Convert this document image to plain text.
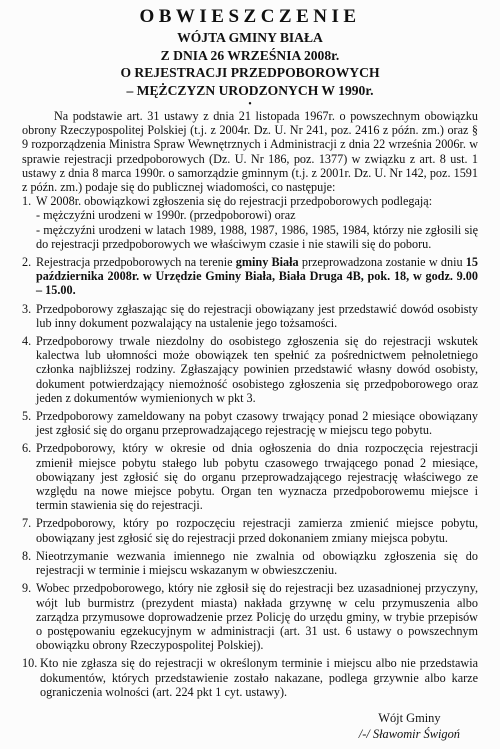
OBWIESZCZENIE
WÓJTA GMINY BIAŁA
Z DNIA 26 WRZEŚNIA 2008r.
O REJESTRACJI PRZEDPOBOROWYCH
– MĘŻCZYZN URODZONYCH W 1990r.
•

Na podstawie art. 31 ustawy z dnia 21 listopada 1967r. o powszechnym obowiązku obrony Rzeczypospolitej Polskiej (t.j. z 2004r. Dz. U. Nr 241, poz. 2416 z późn. zm.) oraz § 9 rozporządzenia Ministra Spraw Wewnętrznych i Administracji z dnia 22 września 2006r. w sprawie rejestracji przedpoborowych (Dz. U. Nr 186, poz. 1377) w związku z art. 8 ust. 1 ustawy z dnia 8 marca 1990r. o samorządzie gminnym (t.j. z 2001r. Dz. U. Nr 142, poz. 1591 z późn. zm.) podaje się do publicznej wiadomości, co następuje:

1. W 2008r. obowiązkowi zgłoszenia się do rejestracji przedpoborowych podlegają:
- mężczyźni urodzeni w 1990r. (przedpoborowi) oraz
- mężczyźni urodzeni w latach 1989, 1988, 1987, 1986, 1985, 1984, którzy nie zgłosili się do rejestracji przedpoborowych we właściwym czasie i nie stawili się do poboru.
2. Rejestracja przedpoborowych na terenie gminy Biała przeprowadzona zostanie w dniu 15 października 2008r. w Urzędzie Gminy Biała, Biała Druga 4B, pok. 18, w godz. 9.00 – 15.00.
3. Przedpoborowy zgłaszając się do rejestracji obowiązany jest przedstawić dowód osobisty lub inny dokument pozwalający na ustalenie jego tożsamości.
4. Przedpoborowy trwale niezdolny do osobistego zgłoszenia się do rejestracji wskutek kalectwa lub ułomności może obowiązek ten spełnić za pośrednictwem pełnoletniego członka najbliższej rodziny. Zgłaszający powinien przedstawić własny dowód osobisty, dokument potwierdzający niemożność osobistego zgłoszenia się przedpoborowego oraz jeden z dokumentów wymienionych w pkt 3.
5. Przedpoborowy zameldowany na pobyt czasowy trwający ponad 2 miesiące obowiązany jest zgłosić się do organu przeprowadzającego rejestrację w miejscu tego pobytu.
6. Przedpoborowy, który w okresie od dnia ogłoszenia do dnia rozpoczęcia rejestracji zmienił miejsce pobytu stałego lub pobytu czasowego trwającego ponad 2 miesiące, obowiązany jest zgłosić się do organu przeprowadzającego rejestrację właściwego ze względu na nowe miejsce pobytu. Organ ten wyznacza przedpoborowemu miejsce i termin stawienia się do rejestracji.
7. Przedpoborowy, który po rozpoczęciu rejestracji zamierza zmienić miejsce pobytu, obowiązany jest zgłosić się do rejestracji przed dokonaniem zmiany miejsca pobytu.
8. Nieotrzymanie wezwania imiennego nie zwalnia od obowiązku zgłoszenia się do rejestracji w terminie i miejscu wskazanym w obwieszczeniu.
9. Wobec przedpoborowego, który nie zgłosił się do rejestracji bez uzasadnionej przyczyny, wójt lub burmistrz (prezydent miasta) nakłada grzywnę w celu przymuszenia albo zarządza przymusowe doprowadzenie przez Policję do urzędu gminy, w trybie przepisów o postępowaniu egzekucyjnym w administracji (art. 31 ust. 6 ustawy o powszechnym obowiązku obrony Rzeczypospolitej Polskiej).
10. Kto nie zgłasza się do rejestracji w określonym terminie i miejscu albo nie przedstawia dokumentów, których przedstawienie zostało nakazane, podlega grzywnie albo karze ograniczenia wolności (art. 224 pkt 1 cyt. ustawy).
Wójt Gminy
/-/ Sławomir Świgoń
